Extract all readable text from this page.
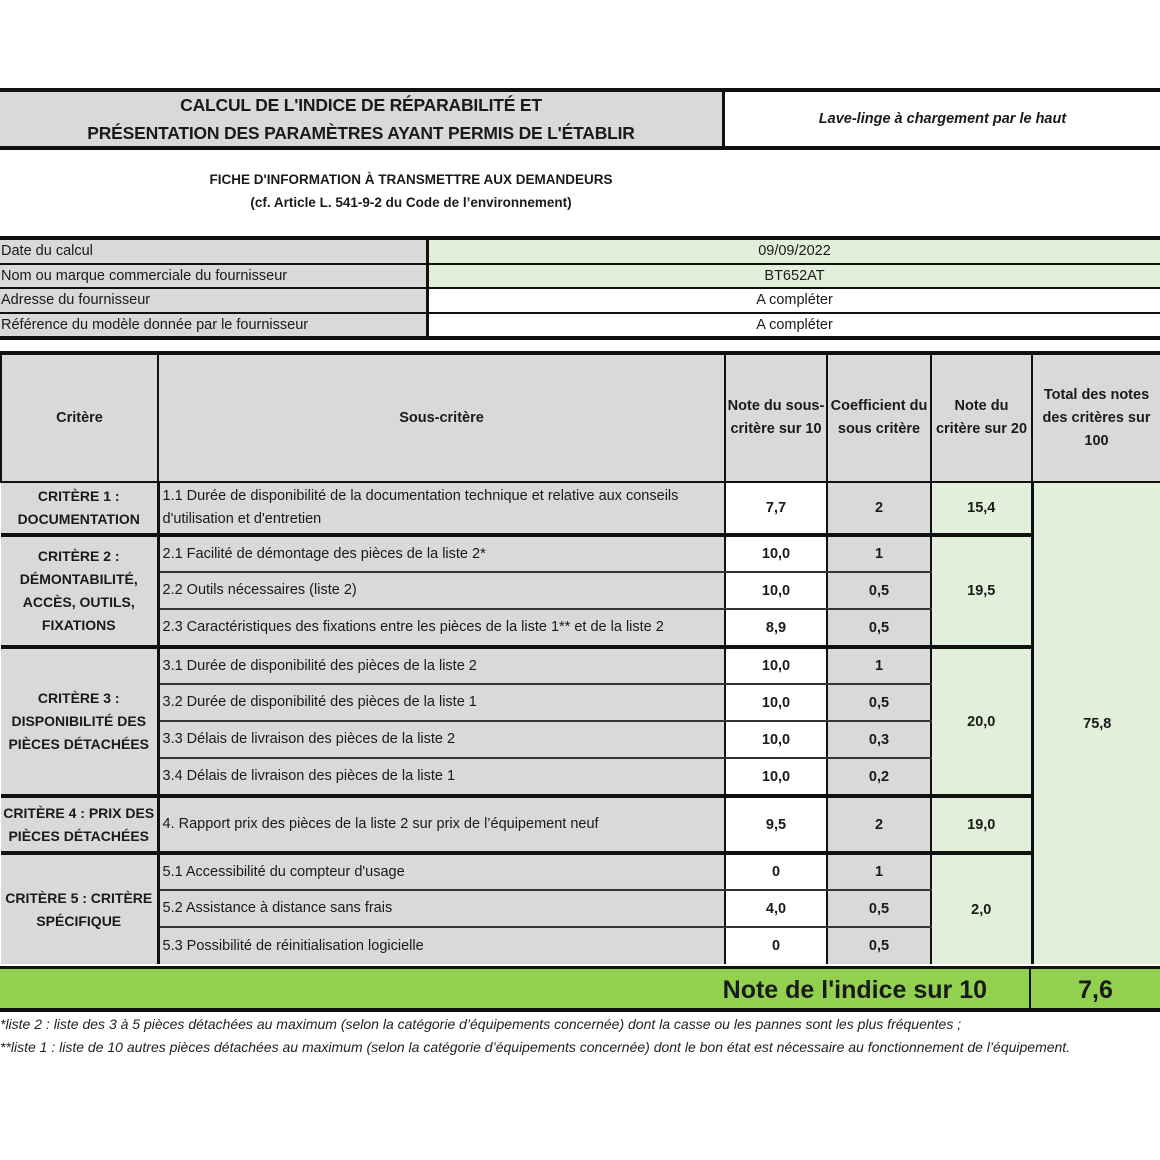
CALCUL DE L'INDICE DE RÉPARABILITÉ ET
PRÉSENTATION DES PARAMÈTRES AYANT PERMIS DE L'ÉTABLIR
Lave-linge à chargement par le haut
FICHE D'INFORMATION À TRANSMETTRE AUX DEMANDEURS
(cf. Article L. 541-9-2 du Code de l’environnement)
Date du calcul	09/09/2022
Nom ou marque commerciale du fournisseur	BT652AT
Adresse du fournisseur	A compléter
Référence du modèle donnée par le fournisseur	A compléter
Critère	Sous-critère	Note du sous-critère sur 10	Coefficient du sous critère	Note du critère sur 20	Total des notes des critères sur 100
CRITÈRE 1 : DOCUMENTATION	1.1 Durée de disponibilité de la documentation technique et relative aux conseils d'utilisation et d'entretien	7,7	2	15,4	75,8
CRITÈRE 2 : DÉMONTABILITÉ, ACCÈS, OUTILS, FIXATIONS	2.1 Facilité de démontage des pièces de la liste 2*	10,0	1	19,5	
	2.2 Outils nécessaires (liste 2)	10,0	0,5		
	2.3 Caractéristiques des fixations entre les pièces de la liste 1** et de la liste 2	8,9	0,5		
CRITÈRE 3 : DISPONIBILITÉ DES PIÈCES DÉTACHÉES	3.1 Durée de disponibilité des pièces de la liste 2	10,0	1	20,0	
	3.2 Durée de disponibilité des pièces de la liste 1	10,0	0,5		
	3.3 Délais de livraison des pièces de la liste 2	10,0	0,3		
	3.4 Délais de livraison des pièces de la liste 1	10,0	0,2		
CRITÈRE 4 : PRIX DES PIÈCES DÉTACHÉES	4. Rapport prix des pièces de la liste 2 sur prix de l’équipement neuf	9,5	2	19,0	
CRITÈRE 5 : CRITÈRE SPÉCIFIQUE	5.1 Accessibilité du compteur d'usage	0	1	2,0	
	5.2 Assistance à distance sans frais	4,0	0,5		
	5.3 Possibilité de réinitialisation logicielle	0	0,5		
Note de l'indice sur 10	7,6
*liste 2 : liste des 3 à 5 pièces détachées au maximum (selon la catégorie d’équipements concernée) dont la casse ou les pannes sont les plus fréquentes ;
**liste 1 : liste de 10 autres pièces détachées au maximum (selon la catégorie d’équipements concernée) dont le bon état est nécessaire au fonctionnement de l’équipement.
